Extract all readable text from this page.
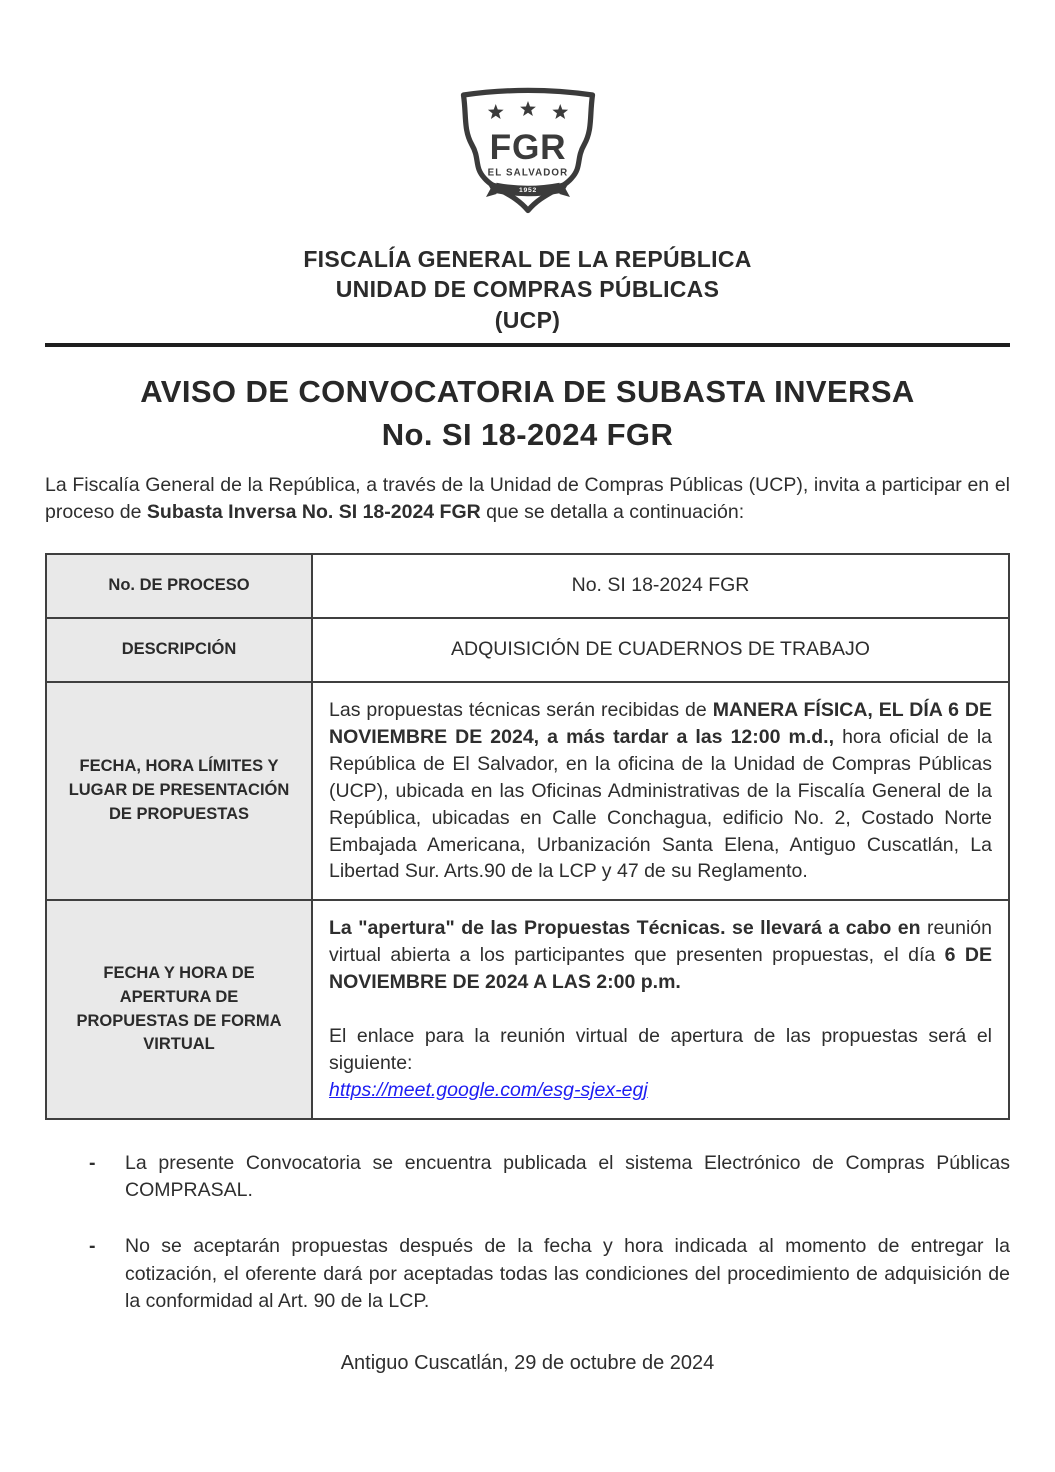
FGR
EL SALVADOR
1952
FISCALÍA GENERAL DE LA REPÚBLICA
UNIDAD DE COMPRAS PÚBLICAS
(UCP)
AVISO DE CONVOCATORIA DE SUBASTA INVERSA
No. SI 18-2024 FGR

La Fiscalía General de la República, a través de la Unidad de Compras Públicas (UCP), invita a participar en el proceso de Subasta Inversa No. SI 18-2024 FGR que se detalla a continuación:

No. DE PROCESO	No. SI 18-2024 FGR
DESCRIPCIÓN	ADQUISICIÓN DE CUADERNOS DE TRABAJO
FECHA, HORA LÍMITES Y LUGAR DE PRESENTACIÓN DE PROPUESTAS	Las propuestas técnicas serán recibidas de MANERA FÍSICA, EL DÍA 6 DE NOVIEMBRE DE 2024, a más tardar a las 12:00 m.d., hora oficial de la República de El Salvador, en la oficina de la Unidad de Compras Públicas (UCP), ubicada en las Oficinas Administrativas de la Fiscalía General de la República, ubicadas en Calle Conchagua, edificio No. 2, Costado Norte Embajada Americana, Urbanización Santa Elena, Antiguo Cuscatlán, La Libertad Sur. Arts.90 de la LCP y 47 de su Reglamento.
FECHA Y HORA DE APERTURA DE PROPUESTAS DE FORMA VIRTUAL	La "apertura" de las Propuestas Técnicas. se llevará a cabo en reunión virtual abierta a los participantes que presenten propuestas, el día 6 DE NOVIEMBRE DE 2024 A LAS 2:00 p.m.

El enlace para la reunión virtual de apertura de las propuestas será el siguiente:
https://meet.google.com/esg-sjex-egj

-	La presente Convocatoria se encuentra publicada el sistema Electrónico de Compras Públicas COMPRASAL.
-	No se aceptarán propuestas después de la fecha y hora indicada al momento de entregar la cotización, el oferente dará por aceptadas todas las condiciones del procedimiento de adquisición de la conformidad al Art. 90 de la LCP.
Antiguo Cuscatlán, 29 de octubre de 2024
